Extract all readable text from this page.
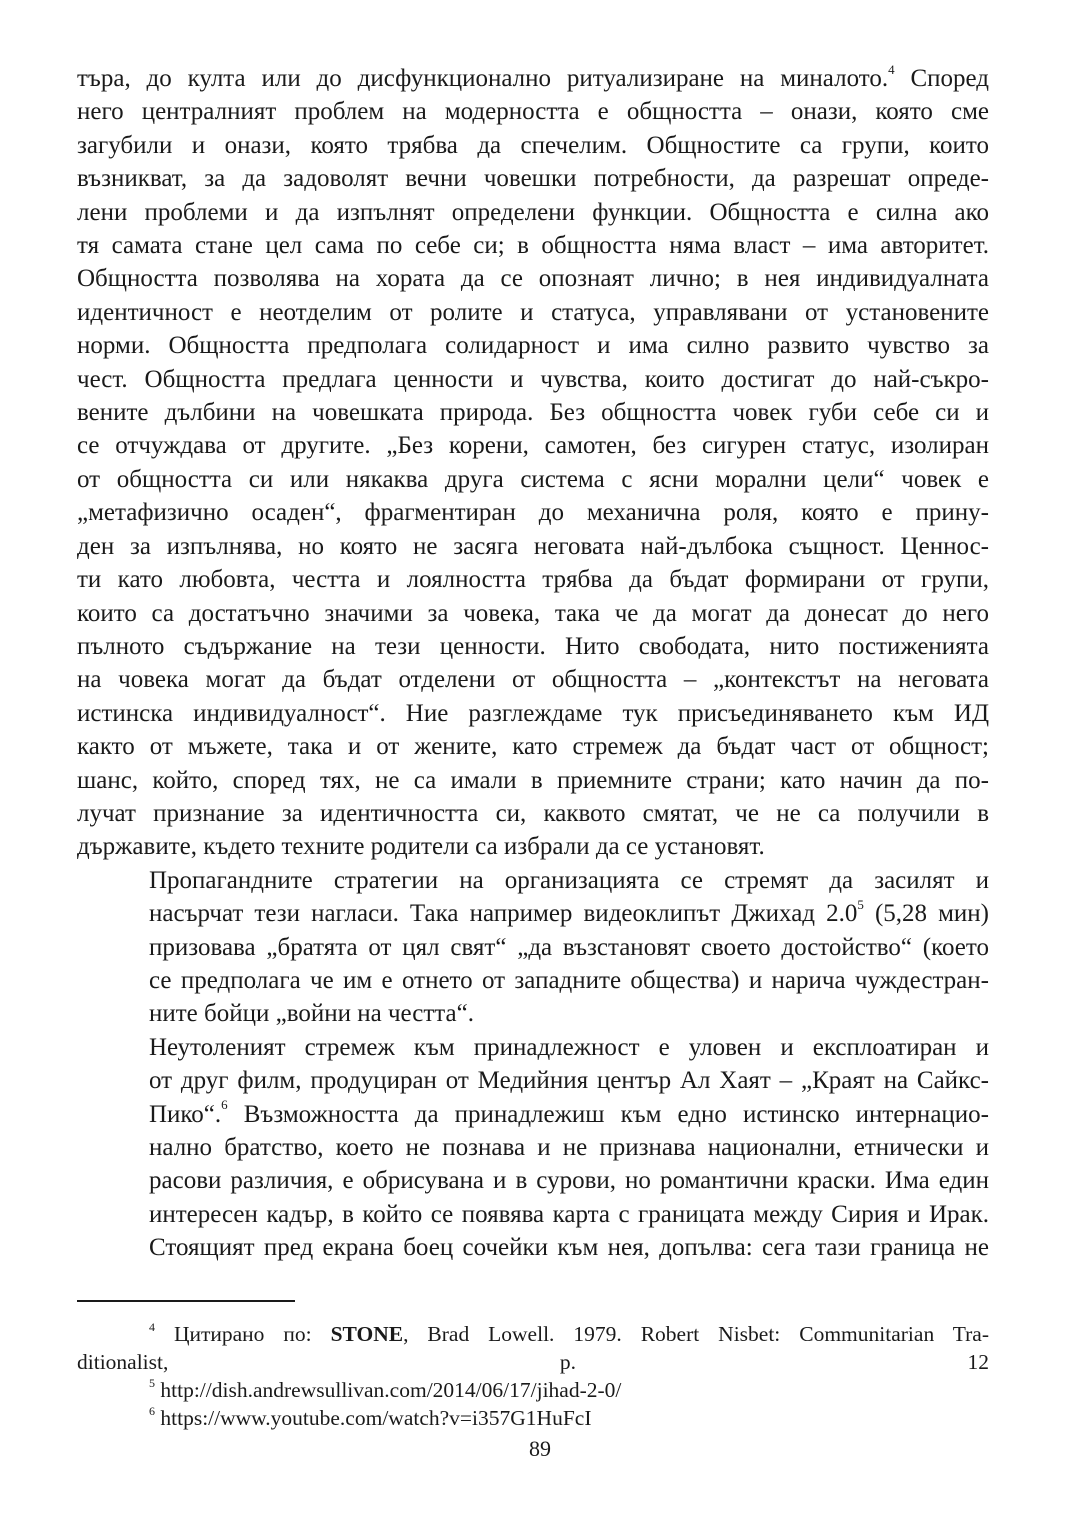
търа, до култа или до дисфункционално ритуализиране на миналото.$^4$ Според
него централният проблем на модерността е общността – онази, която сме
загубили и онази, която трябва да спечелим. Общностите са групи, които
възникват, за да задоволят вечни човешки потребности, да разрешат опреде-
лени проблеми и да изпълнят определени функции. Общността е силна ако
тя самата стане цел сама по себе си; в общността няма власт – има авторитет.
Общността позволява на хората да се опознаят лично; в нея индивидуалната
идентичност е неотделим от ролите и статуса, управлявани от установените
норми. Общността предполага солидарност и има силно развито чувство за
чест. Общността предлага ценности и чувства, които достигат до най-съкро-
вените дълбини на човешката природа. Без общността човек губи себе си и
се отчуждава от другите. „Без корени, самотен, без сигурен статус, изолиран
от общността си или някаква друга система с ясни морални цели“ човек е
„метафизично осаден“, фрагментиран до механична роля, която е прину-
ден за изпълнява, но която не засяга неговата най-дълбока същност. Ценнос-
ти като любовта, честта и лоялността трябва да бъдат формирани от групи,
които са достатъчно значими за човека, така че да могат да донесат до него
пълното съдържание на тези ценности. Нито свободата, нито постиженията
на човека могат да бъдат отделени от общността – „контекстът на неговата
истинска индивидуалност“. Ние разглеждаме тук присъединяването към ИД
както от мъжете, така и от жените, като стремеж да бъдат част от общност;
шанс, който, според тях, не са имали в приемните страни; като начин да по-
лучат признание за идентичността си, каквото смятат, че не са получили в
държавите, където техните родители са избрали да се установят.

Пропагандните стратегии на организацията се стремят да засилят и
насърчат тези нагласи. Така например видеоклипът Джихад $2.0^5$ (5,28 мин)
призовава „братята от цял свят“ „да възстановят своето достойство“ (което
се предполага че им е отнето от западните общества) и нарича чуждестран-
ните бойци „войни на честта“.

Неутоленият стремеж към принадлежност е уловен и експлоатиран и
от друг филм, продуциран от Медийния център Ал Хаят – „Краят на Сайкс-
Пико“.$^6$ Възможността да принадлежиш към едно истинско интернацио-
нално братство, което не познава и не признава национални, етнически и
расови различия, е обрисувана и в сурови, но романтични краски. Има един
интересен кадър, в който се появява карта с границата между Сирия и Ирак.
Стоящият пред екрана боец сочейки към нея, допълва: сега тази граница не

$^4$ Цитирано по: STONE, Brad Lowell. 1979. Robert Nisbet: Communitarian Tra-
ditionalist, p. 12

$^5$ http://dish.andrewsullivan.com/2014/06/17/jihad-2-0/

$^6$ https://www.youtube.com/watch?v=i357G1HuFcI

89
